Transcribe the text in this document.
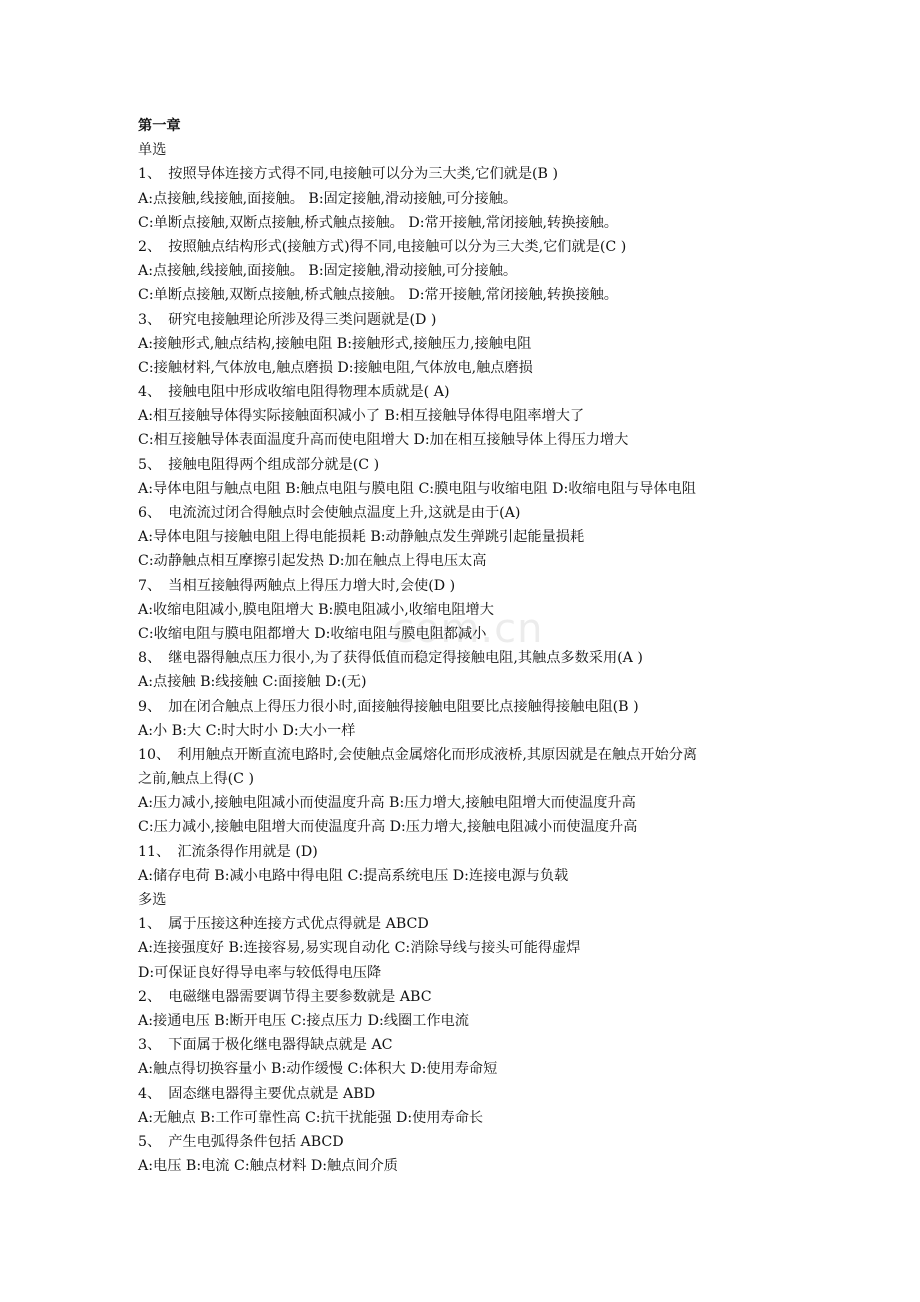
com.cn
第一章
单选
1、　按照导体连接方式得不同,电接触可以分为三大类,它们就是(B )
A:点接触,线接触,面接触。 B:固定接触,滑动接触,可分接触。
C:单断点接触,双断点接触,桥式触点接触。 D:常开接触,常闭接触,转换接触。
2、　按照触点结构形式(接触方式)得不同,电接触可以分为三大类,它们就是(C )
A:点接触,线接触,面接触。 B:固定接触,滑动接触,可分接触。
C:单断点接触,双断点接触,桥式触点接触。 D:常开接触,常闭接触,转换接触。
3、　研究电接触理论所涉及得三类问题就是(D )
A:接触形式,触点结构,接触电阻 B:接触形式,接触压力,接触电阻
C:接触材料,气体放电,触点磨损 D:接触电阻,气体放电,触点磨损
4、　接触电阻中形成收缩电阻得物理本质就是( A)
A:相互接触导体得实际接触面积减小了 B:相互接触导体得电阻率增大了
C:相互接触导体表面温度升高而使电阻增大 D:加在相互接触导体上得压力增大
5、　接触电阻得两个组成部分就是(C )
A:导体电阻与触点电阻 B:触点电阻与膜电阻 C:膜电阻与收缩电阻 D:收缩电阻与导体电阻
6、　电流流过闭合得触点时会使触点温度上升,这就是由于(A)
A:导体电阻与接触电阻上得电能损耗 B:动静触点发生弹跳引起能量损耗
C:动静触点相互摩擦引起发热 D:加在触点上得电压太高
7、　当相互接触得两触点上得压力增大时,会使(D )
A:收缩电阻减小,膜电阻增大 B:膜电阻减小,收缩电阻增大
C:收缩电阻与膜电阻都增大 D:收缩电阻与膜电阻都减小
8、　继电器得触点压力很小,为了获得低值而稳定得接触电阻,其触点多数采用(A )
A:点接触 B:线接触 C:面接触 D:(无)
9、　加在闭合触点上得压力很小时,面接触得接触电阻要比点接触得接触电阻(B )
A:小 B:大 C:时大时小 D:大小一样
10、　利用触点开断直流电路时,会使触点金属熔化而形成液桥,其原因就是在触点开始分离
之前,触点上得(C )
A:压力减小,接触电阻减小而使温度升高 B:压力增大,接触电阻增大而使温度升高
C:压力减小,接触电阻增大而使温度升高 D:压力增大,接触电阻减小而使温度升高
11、　汇流条得作用就是 (D)
A:储存电荷 B:减小电路中得电阻 C:提高系统电压 D:连接电源与负载
多选
1、　属于压接这种连接方式优点得就是 ABCD
A:连接强度好 B:连接容易,易实现自动化 C:消除导线与接头可能得虚焊
D:可保证良好得导电率与较低得电压降
2、　电磁继电器需要调节得主要参数就是 ABC
A:接通电压 B:断开电压 C:接点压力 D:线圈工作电流
3、　下面属于极化继电器得缺点就是 AC
A:触点得切换容量小 B:动作缓慢 C:体积大 D:使用寿命短
4、　固态继电器得主要优点就是 ABD
A:无触点 B:工作可靠性高 C:抗干扰能强 D:使用寿命长
5、　产生电弧得条件包括 ABCD
A:电压 B:电流 C:触点材料 D:触点间介质
